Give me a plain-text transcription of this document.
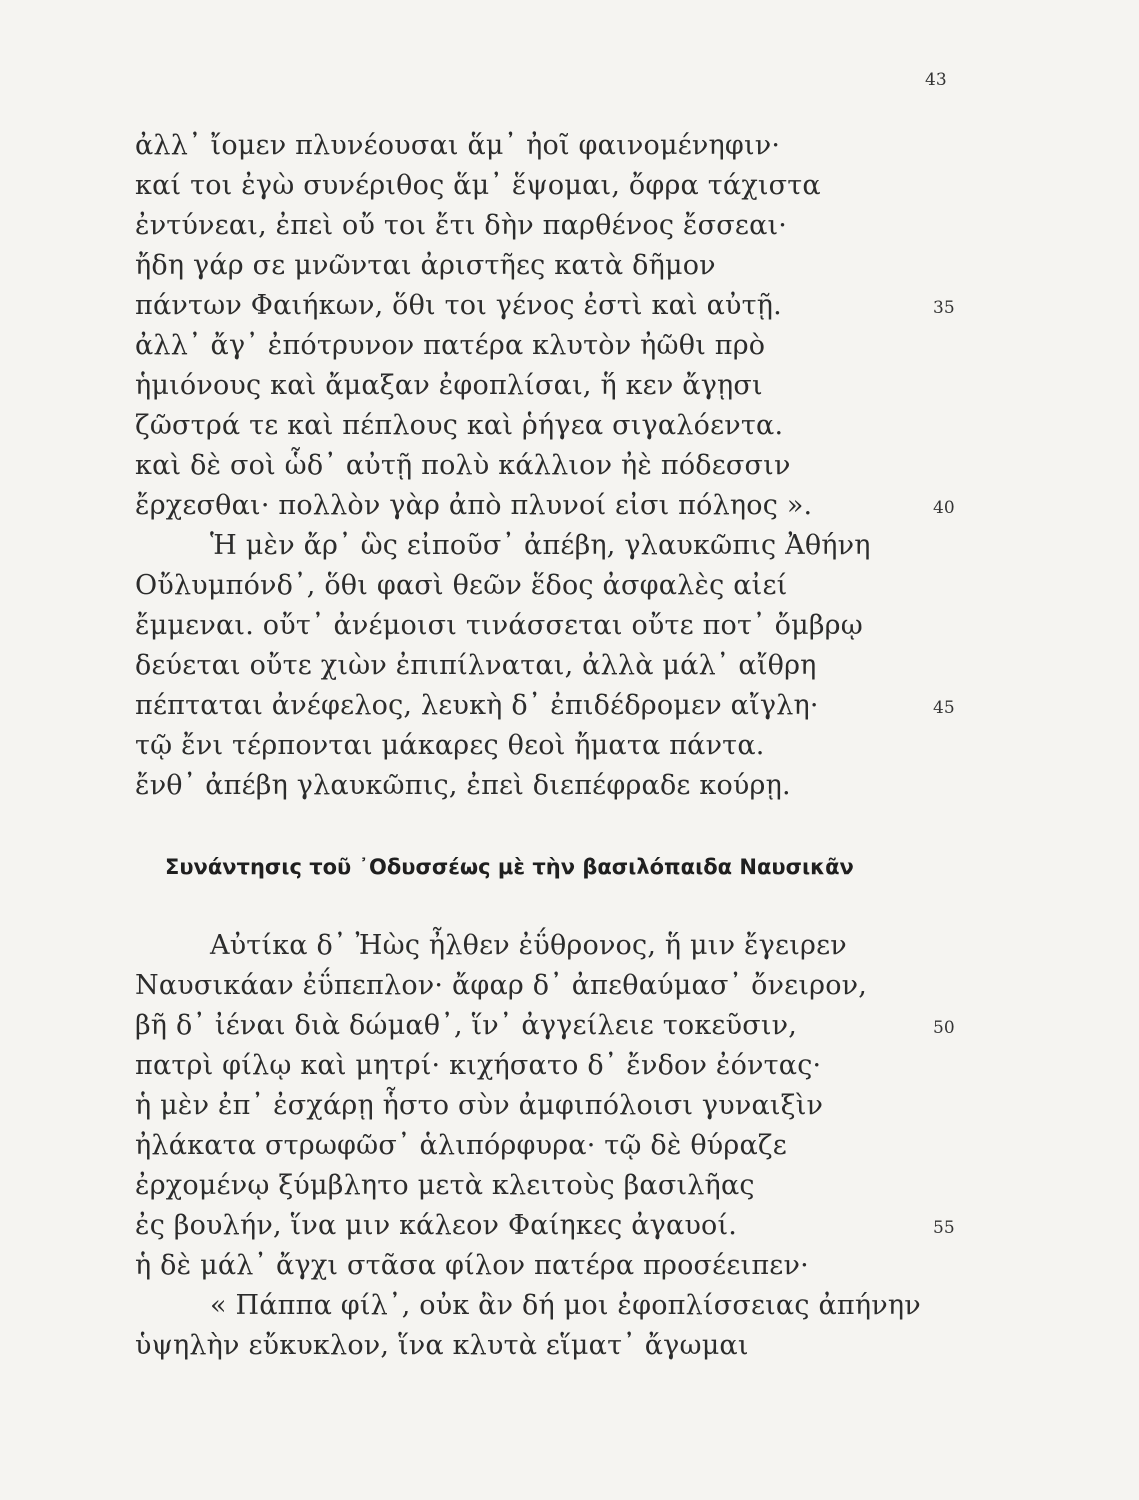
43
ἀλλ᾽ ἴομεν πλυνέουσαι ἅμ᾽ ἠοῖ φαινομένηφιν·
καί τοι ἐγὼ συνέριθος ἅμ᾽ ἕψομαι, ὄφρα τάχιστα
ἐντύνεαι, ἐπεὶ οὔ τοι ἔτι δὴν παρθένος ἔσσεαι·
ἤδη γάρ σε μνῶνται ἀριστῆες κατὰ δῆμον
πάντων Φαιήκων, ὅθι τοι γένος ἐστὶ καὶ αὐτῇ.
ἀλλ᾽ ἄγ᾽ ἐπότρυνον πατέρα κλυτὸν ἠῶθι πρὸ
ἡμιόνους καὶ ἄμαξαν ἐφοπλίσαι, ἥ κεν ἄγῃσι
ζῶστρά τε καὶ πέπλους καὶ ῥήγεα σιγαλόεντα.
καὶ δὲ σοὶ ὧδ᾽ αὐτῇ πολὺ κάλλιον ἠὲ πόδεσσιν
ἔρχεσθαι· πολλὸν γὰρ ἀπὸ πλυνοί εἰσι πόληος ».
Ἡ μὲν ἄρ᾽ ὣς εἰποῦσ᾽ ἀπέβη, γλαυκῶπις Ἀθήνη
Οὔλυμπόνδ᾽, ὅθι φασὶ θεῶν ἕδος ἀσφαλὲς αἰεί
ἔμμεναι. οὔτ᾽ ἀνέμοισι τινάσσεται οὔτε ποτ᾽ ὄμβρῳ
δεύεται οὔτε χιὼν ἐπιπίλναται, ἀλλὰ μάλ᾽ αἴθρη
πέπταται ἀνέφελος, λευκὴ δ᾽ ἐπιδέδρομεν αἴγλη·
τῷ ἔνι τέρπονται μάκαρες θεοὶ ἤματα πάντα.
ἔνθ᾽ ἀπέβη γλαυκῶπις, ἐπεὶ διεπέφραδε κούρῃ.
35
40
45
Συνάντησις τοῦ ᾽Οδυσσέως μὲ τὴν βασιλόπαιδα Ναυσικᾶν
Αὐτίκα δ᾽ Ἠὼς ἦλθεν ἐΰθρονος, ἥ μιν ἔγειρεν
Ναυσικάαν ἐΰπεπλον· ἄφαρ δ᾽ ἀπεθαύμασ᾽ ὄνειρον,
βῆ δ᾽ ἰέναι διὰ δώμαθ᾽, ἵν᾽ ἀγγείλειε τοκεῦσιν,
πατρὶ φίλῳ καὶ μητρί· κιχήσατο δ᾽ ἔνδον ἐόντας·
ἡ μὲν ἐπ᾽ ἐσχάρῃ ἧστο σὺν ἀμφιπόλοισι γυναιξὶν
ἠλάκατα στρωφῶσ᾽ ἁλιπόρφυρα· τῷ δὲ θύραζε
ἐρχομένῳ ξύμβλητο μετὰ κλειτοὺς βασιλῆας
ἐς βουλήν, ἵνα μιν κάλεον Φαίηκες ἀγαυοί.
ἡ δὲ μάλ᾽ ἄγχι στᾶσα φίλον πατέρα προσέειπεν·
« Πάππα φίλ᾽, οὐκ ἂν δή μοι ἐφοπλίσσειας ἀπήνην
ὑψηλὴν εὔκυκλον, ἵνα κλυτὰ εἵματ᾽ ἄγωμαι
50
55
